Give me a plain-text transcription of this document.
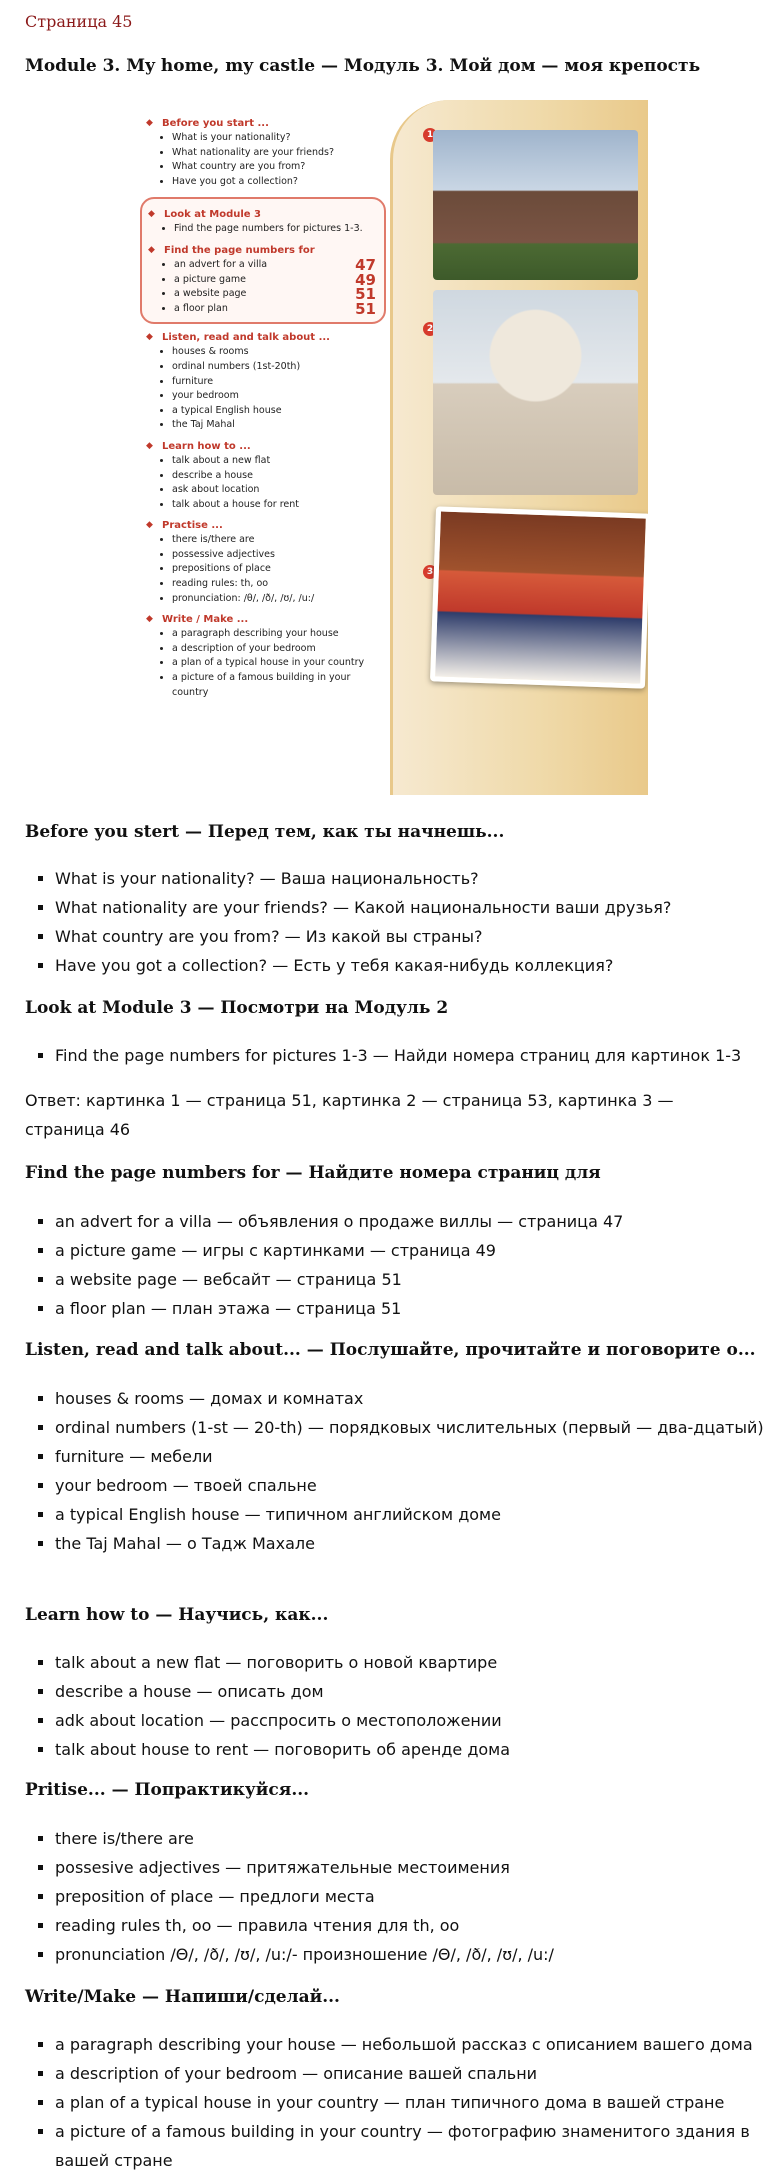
Страница 45
Module 3. My home, my castle — Модуль 3. Мой дом — моя крепость
◆ Before you start ...
• What is your nationality?
• What nationality are your friends?
• What country are you from?
• Have you got a collection?
◆ Look at Module 3
• Find the page numbers for pictures 1-3.
◆ Find the page numbers for
• an advert for a villa	47
• a picture game	49
• a website page	51
• a floor plan	51
◆ Listen, read and talk about ...
• houses & rooms
• ordinal numbers (1st-20th)
• furniture
• your bedroom
• a typical English house
• the Taj Mahal
◆ Learn how to ...
• talk about a new flat
• describe a house
• ask about location
• talk about a house for rent
◆ Practise ...
• there is/there are
• possessive adjectives
• prepositions of place
• reading rules: th, oo
• pronunciation: /θ/, /ð/, /ʊ/, /u:/
◆ Write / Make ...
• a paragraph describing your house
• a description of your bedroom
• a plan of a typical house in your country
• a picture of a famous building in your country
1
2
3
Before you stert — Перед тем, как ты начнешь...
▪ What is your nationality? — Ваша национальность?
▪ What nationality are your friends? — Какой национальности ваши друзья?
▪ What country are you from? — Из какой вы страны?
▪ Have you got a collection? — Есть у тебя какая-нибудь коллекция?
Look at Module 3 — Посмотри на Модуль 2
▪ Find the page numbers for pictures 1-3 — Найди номера страниц для картинок 1-3

Ответ: картинка 1 — страница 51, картинка 2 — страница 53, картинка 3 — страница 46

Find the page numbers for — Найдите номера страниц для
▪ an advert for a villa — объявления о продаже виллы — страница 47
▪ a picture game — игры с картинками — страница 49
▪ a website page — вебсайт — страница 51
▪ a floor plan — план этажа — страница 51
Listen, read and talk about... — Послушайте, прочитайте и поговорите о...
▪ houses & rooms — домах и комнатах
▪ ordinal numbers (1-st — 20-th) — порядковых числительных (первый — два-дцатый)
▪ furniture — мебели
▪ your bedroom — твоей спальне
▪ a typical English house — типичном английском доме
▪ the Taj Mahal — о Тадж Махале
Learn how to — Научись, как...
▪ talk about a new flat — поговорить о новой квартире
▪ describe a house — описать дом
▪ adk about location — расспросить о местоположении
▪ talk about house to rent — поговорить об аренде дома
Pritise... — Попрактикуйся...
▪ there is/there are
▪ possesive adjectives — притяжательные местоимения
▪ preposition of place — предлоги места
▪ reading rules th, oo — правила чтения для th, oo
▪ pronunciation /Θ/, /ð/, /ʊ/, /u:/- произношение /Θ/, /ð/, /ʊ/, /u:/
Write/Make — Напиши/сделай...
▪ a paragraph describing your house — небольшой рассказ с описанием вашего дома
▪ a description of your bedroom — описание вашей спальни
▪ a plan of a typical house in your country — план типичного дома в вашей стране
▪ a picture of a famous building in your country — фотографию знаменитого здания в вашей стране
